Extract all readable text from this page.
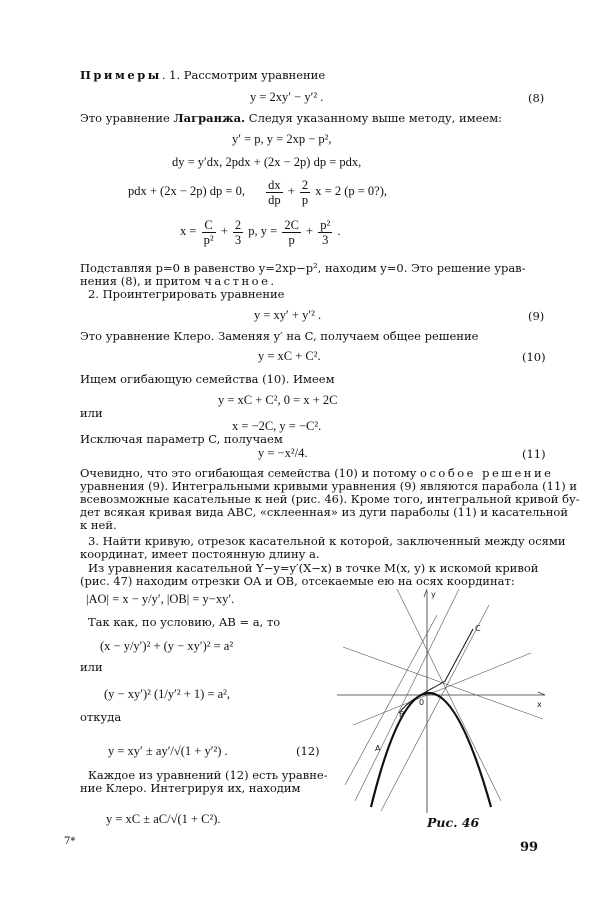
Примеры. 1. Рассмотрим уравнение
y = 2xy′ − y′² .	(8)
Это уравнение Лагранжа. Следуя указанному выше методу, имеем:
y′ = p, y = 2xp − p²,
dy = y′dx, 2pdx + (2x − 2p) dp = pdx,
pdx + (2x − 2p) dp = 0, $\frac{dx}{dp} + \frac{2}{p}$ x = 2 (p = 0?),
$x = \frac{C}{\text{p²}} + \frac{2}{3} p$, $y = \frac{2C}{p} + \frac{\text{p²}}{3}$ .
Подставляя p=0 в равенство y=2xp−p², находим y=0. Это решение урав-
нения (8), и притом частное.
2. Проинтегрировать уравнение
y = xy′ + y′² .	(9)
Это уравнение Клеро. Заменяя y′ на C, получаем общее решение
y = xC + C².	(10)
Ищем огибающую семейства (10). Имеем
y = xC + C², 0 = x + 2C
или
x = −2C, y = −C².
Исключая параметр C, получаем
y = −x²/4.	(11)
Очевидно, что это огибающая семейства (10) и потому особое решение
уравнения (9). Интегральными кривыми уравнения (9) являются парабола (11) и
всевозможные касательные к ней (рис. 46). Кроме того, интегральной кривой бу-
дет всякая кривая вида ABC, «склеенная» из дуги параболы (11) и касательной
к ней.
3. Найти кривую, отрезок касательной к которой, заключенный между осями
координат, имеет постоянную длину a.
Из уравнения касательной Y−y=y′(X−x) в точке M(x, y) к искомой кривой
(рис. 47) находим отрезки OA и OB, отсекаемые ею на осях координат:
|AO| = x − y/y′, |OB| = y−xy′.
Так как, по условию, AB = a, то
(x − y/y′)² + (y − xy′)² = a²
или
(y − xy′)² (1/y′² + 1) = a²,
откуда
y = xy′ ± ay′/√(1 + y′²) .	(12)
Каждое из уравнений (12) есть уравне-
ние Клеро. Интегрируя их, находим
y = xC ± aC/√(1 + C²).
y
x
C
0
B
A
Рис. 46
7*	99
